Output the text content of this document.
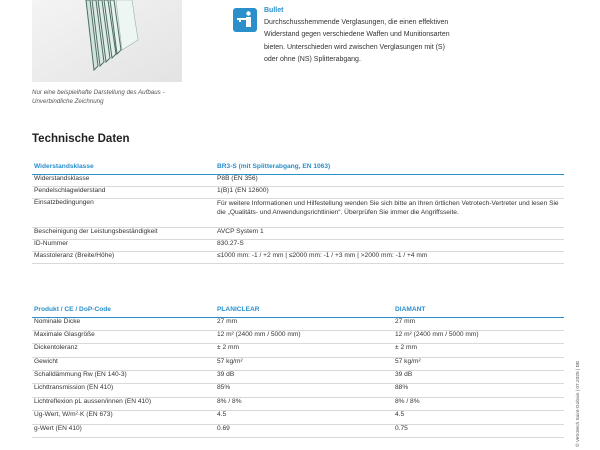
Nur eine beispielhafte Darstellung des Aufbaus - Unverbindliche Zeichnung
Bullet
Durchschusshemmende Verglasungen, die einen effektiven Widerstand gegen verschiedene Waffen und Munitionsarten bieten. Unterschieden wird zwischen Verglasungen mit (S) oder ohne (NS) Splitterabgang.
Technische Daten
Widerstandsklasse	BR3-S (mit Splitterabgang, EN 1063)
Widerstandsklasse	P8B (EN 356)
Pendelschlagwiderstand	1(B)1 (EN 12600)
Einsatzbedingungen	Für weitere Informationen und Hilfestellung wenden Sie sich bitte an Ihren örtlichen Vetrotech-Vertreter und lesen Sie die „Qualitäts- und Anwendungsrichtlinien“. Überprüfen Sie immer die Angriffsseite.
Bescheinigung der Leistungsbeständigkeit	AVCP System 1
ID-Nummer	830.27-S
Masstoleranz (Breite/Höhe)	≤1000 mm: -1 / +2 mm | ≤2000 mm: -1 / +3 mm | >2000 mm: -1 / +4 mm
Produkt / CE / DoP-Code	PLANICLEAR	DIAMANT
Nominale Dicke	27 mm	27 mm
Maximale Glasgröße	12 m² (2400 mm / 5000 mm)	12 m² (2400 mm / 5000 mm)
Dickentoleranz	± 2 mm	± 2 mm
Gewicht	57 kg/m²	57 kg/m²
Schalldämmung Rw (EN 140-3)	39 dB	39 dB
Lichttransmission (EN 410)	85%	88%
Lichtreflexion pL aussen/innen (EN 410)	8% / 8%	8% / 8%
Ug-Wert, W/m²·K (EN 673)	4.5	4.5
g-Wert (EN 410)	0.69	0.75	© Vetrotech Saint-Gobain | 07.2025 | DE
